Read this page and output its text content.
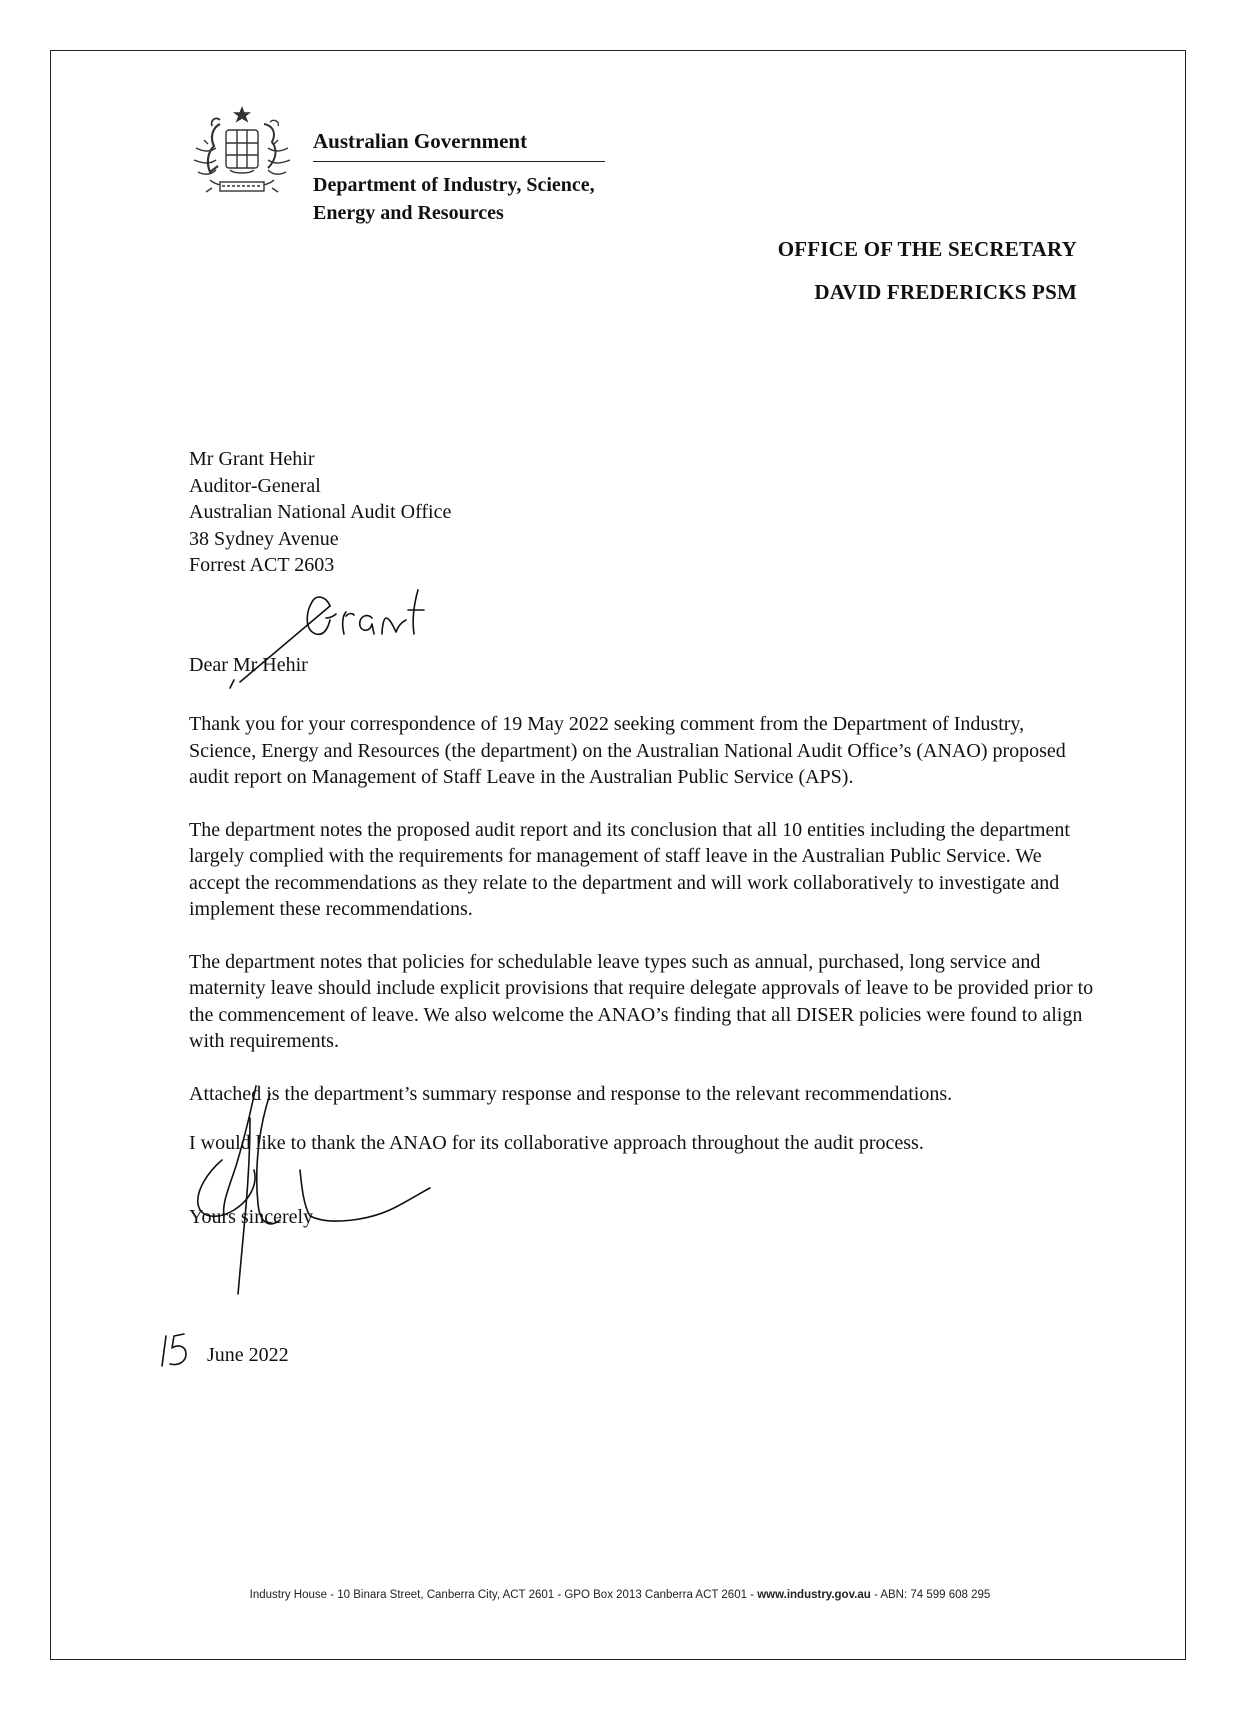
Australian Government
Department of Industry, Science,
Energy and Resources
OFFICE OF THE SECRETARY
DAVID FREDERICKS PSM
Mr Grant Hehir
Auditor-General
Australian National Audit Office
38 Sydney Avenue
Forrest ACT 2603
Dear Mr Hehir

Thank you for your correspondence of 19 May 2022 seeking comment from the Department of Industry, Science, Energy and Resources (the department) on the Australian National Audit Office’s (ANAO) proposed audit report on Management of Staff Leave in the Australian Public Service (APS).

The department notes the proposed audit report and its conclusion that all 10 entities including the department largely complied with the requirements for management of staff leave in the Australian Public Service. We accept the recommendations as they relate to the department and will work collaboratively to investigate and implement these recommendations.

The department notes that policies for schedulable leave types such as annual, purchased, long service and maternity leave should include explicit provisions that require delegate approvals of leave to be provided prior to the commencement of leave. We also welcome the ANAO’s finding that all DISER policies were found to align with requirements.

Attached is the department’s summary response and response to the relevant recommendations.

I would like to thank the ANAO for its collaborative approach throughout the audit process.

Yours sincerely
June 2022
Industry House - 10 Binara Street, Canberra City, ACT 2601 - GPO Box 2013 Canberra ACT 2601 - www.industry.gov.au - ABN: 74 599 608 295
